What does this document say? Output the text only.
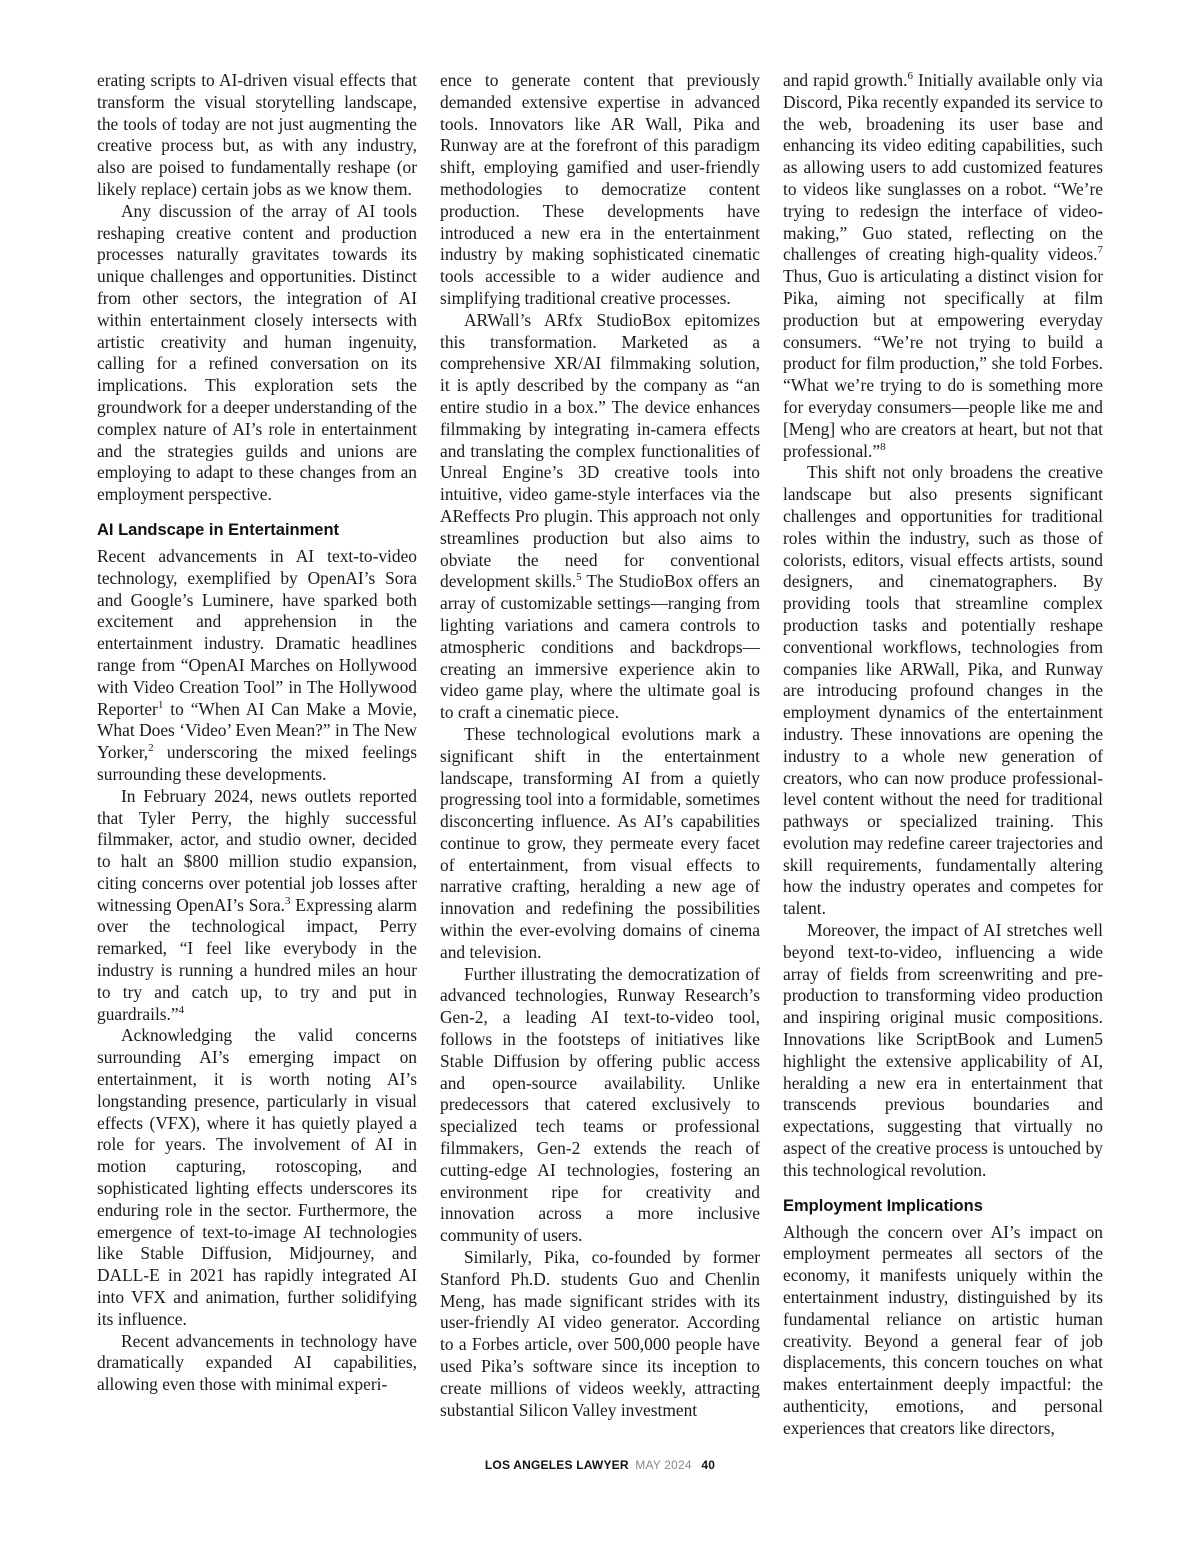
erating scripts to AI-driven visual effects that transform the visual storytelling landscape, the tools of today are not just augmenting the creative process but, as with any industry, also are poised to fundamentally reshape (or likely replace) certain jobs as we know them.

Any discussion of the array of AI tools reshaping creative content and production processes naturally gravitates towards its unique challenges and opportunities. Distinct from other sectors, the integration of AI within entertainment closely intersects with artistic creativity and human ingenuity, calling for a refined conversation on its implications. This exploration sets the groundwork for a deeper understanding of the complex nature of AI’s role in entertainment and the strategies guilds and unions are employing to adapt to these changes from an employment perspective.

AI Landscape in Entertainment

Recent advancements in AI text-to-video technology, exemplified by OpenAI’s Sora and Google’s Luminere, have sparked both excitement and apprehension in the entertainment industry. Dramatic headlines range from “OpenAI Marches on Hollywood with Video Creation Tool” in The Hollywood Reporter$^1$ to “When AI Can Make a Movie, What Does ‘Video’ Even Mean?” in The New Yorker,$^2$ underscoring the mixed feelings surrounding these developments.

In February 2024, news outlets reported that Tyler Perry, the highly successful filmmaker, actor, and studio owner, decided to halt an $800 million studio expansion, citing concerns over potential job losses after witnessing OpenAI’s Sora.$^3$ Expressing alarm over the technological impact, Perry remarked, “I feel like everybody in the industry is running a hundred miles an hour to try and catch up, to try and put in guardrails.”$^4$

Acknowledging the valid concerns surrounding AI’s emerging impact on entertainment, it is worth noting AI’s longstanding presence, particularly in visual effects (VFX), where it has quietly played a role for years. The involvement of AI in motion capturing, rotoscoping, and sophisticated lighting effects underscores its enduring role in the sector. Furthermore, the emergence of text-to-image AI technologies like Stable Diffusion, Midjourney, and DALL-E in 2021 has rapidly integrated AI into VFX and animation, further solidifying its influence.

Recent advancements in technology have dramatically expanded AI capabilities, allowing even those with minimal experi-

ence to generate content that previously demanded extensive expertise in advanced tools. Innovators like AR Wall, Pika and Runway are at the forefront of this paradigm shift, employing gamified and user-friendly methodologies to democratize content production. These developments have introduced a new era in the entertainment industry by making sophisticated cinematic tools accessible to a wider audience and simplifying traditional creative processes.

ARWall’s ARfx StudioBox epitomizes this transformation. Marketed as a comprehensive XR/AI filmmaking solution, it is aptly described by the company as “an entire studio in a box.” The device enhances filmmaking by integrating in-camera effects and translating the complex functionalities of Unreal Engine’s 3D creative tools into intuitive, video game-style interfaces via the AReffects Pro plugin. This approach not only streamlines production but also aims to obviate the need for conventional development skills.$^5$ The StudioBox offers an array of customizable settings—ranging from lighting variations and camera controls to atmospheric conditions and backdrops—creating an immersive experience akin to video game play, where the ultimate goal is to craft a cinematic piece.

These technological evolutions mark a significant shift in the entertainment landscape, transforming AI from a quietly progressing tool into a formidable, sometimes disconcerting influence. As AI’s capabilities continue to grow, they permeate every facet of entertainment, from visual effects to narrative crafting, heralding a new age of innovation and redefining the possibilities within the ever-evolving domains of cinema and television.

Further illustrating the democratization of advanced technologies, Runway Research’s Gen-2, a leading AI text-to-video tool, follows in the footsteps of initiatives like Stable Diffusion by offering public access and open-source availability. Unlike predecessors that catered exclusively to specialized tech teams or professional filmmakers, Gen-2 extends the reach of cutting-edge AI technologies, fostering an environment ripe for creativity and innovation across a more inclusive community of users.

Similarly, Pika, co-founded by former Stanford Ph.D. students Guo and Chenlin Meng, has made significant strides with its user-friendly AI video generator. According to a Forbes article, over 500,000 people have used Pika’s software since its inception to create millions of videos weekly, attracting substantial Silicon Valley investment

and rapid growth.$^6$ Initially available only via Discord, Pika recently expanded its service to the web, broadening its user base and enhancing its video editing capabilities, such as allowing users to add customized features to videos like sunglasses on a robot. “We’re trying to redesign the interface of video-making,” Guo stated, reflecting on the challenges of creating high-quality videos.$^7$ Thus, Guo is articulating a distinct vision for Pika, aiming not specifically at film production but at empowering everyday consumers. “We’re not trying to build a product for film production,” she told Forbes. “What we’re trying to do is something more for everyday consumers—people like me and [Meng] who are creators at heart, but not that professional.”$^8$

This shift not only broadens the creative landscape but also presents significant challenges and opportunities for traditional roles within the industry, such as those of colorists, editors, visual effects artists, sound designers, and cinematographers. By providing tools that streamline complex production tasks and potentially reshape conventional workflows, technologies from companies like ARWall, Pika, and Runway are introducing profound changes in the employment dynamics of the entertainment industry. These innovations are opening the industry to a whole new generation of creators, who can now produce professional-level content without the need for traditional pathways or specialized training. This evolution may redefine career trajectories and skill requirements, fundamentally altering how the industry operates and competes for talent.

Moreover, the impact of AI stretches well beyond text-to-video, influencing a wide array of fields from screenwriting and pre-production to transforming video production and inspiring original music compositions. Innovations like ScriptBook and Lumen5 highlight the extensive applicability of AI, heralding a new era in entertainment that transcends previous boundaries and expectations, suggesting that virtually no aspect of the creative process is untouched by this technological revolution.

Employment Implications

Although the concern over AI’s impact on employment permeates all sectors of the economy, it manifests uniquely within the entertainment industry, distinguished by its fundamental reliance on artistic human creativity. Beyond a general fear of job displacements, this concern touches on what makes entertainment deeply impactful: the authenticity, emotions, and personal experiences that creators like directors,

LOS ANGELES LAWYER MAY 2024 40
